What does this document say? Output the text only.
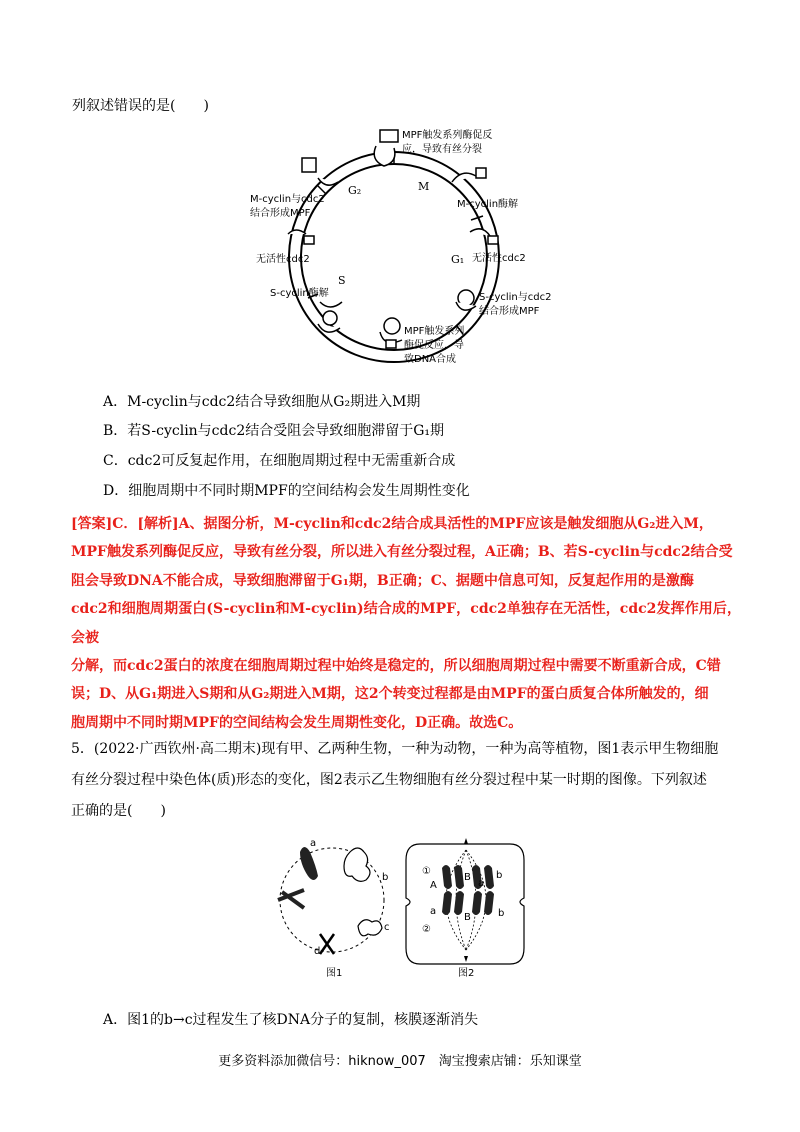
列叙述错误的是(　　)
G₂	M
G₁
S
MPF触发系列酶促反
应，导致有丝分裂
M-cyclin酶解
无活性cdc2
S-cyclin与cdc2
结合形成MPF
MPF触发系列
酶促反应，导
致DNA合成
S-cyclin酶解
无活性cdc2
M-cyclin与cdc2
结合形成MPF
A．M-cyclin与cdc2结合导致细胞从G₂期进入M期
B．若S-cyclin与cdc2结合受阻会导致细胞滞留于G₁期
C．cdc2可反复起作用，在细胞周期过程中无需重新合成
D．细胞周期中不同时期MPF的空间结构会发生周期性变化
[答案]C．[解析]A、据图分析，M-cyclin和cdc2结合成具活性的MPF应该是触发细胞从G₂进入M，
MPF触发系列酶促反应，导致有丝分裂，所以进入有丝分裂过程，A正确；B、若S-cyclin与cdc2结合受
阻会导致DNA不能合成，导致细胞滞留于G₁期，B正确；C、据题中信息可知，反复起作用的是激酶
cdc2和细胞周期蛋白(S-cyclin和M-cyclin)结合成的MPF，cdc2单独存在无活性，cdc2发挥作用后，会被
分解，而cdc2蛋白的浓度在细胞周期过程中始终是稳定的，所以细胞周期过程中需要不断重新合成，C错
误；D、从G₁期进入S期和从G₂期进入M期，这2个转变过程都是由MPF的蛋白质复合体所触发的，细
胞周期中不同时期MPF的空间结构会发生周期性变化，D正确。故选C。
5．(2022·广西钦州·高二期末)现有甲、乙两种生物，一种为动物，一种为高等植物，图1表示甲生物细胞
有丝分裂过程中染色体(质)形态的变化，图2表示乙生物细胞有丝分裂过程中某一时期的图像。下列叙述
正确的是(　　)
a
b
c
d
图1
①
②
A
B	b
a
a
B	b
图2
A．图1的b→c过程发生了核DNA分子的复制，核膜逐渐消失
更多资料添加微信号：hiknow_007　淘宝搜索店铺：乐知课堂
